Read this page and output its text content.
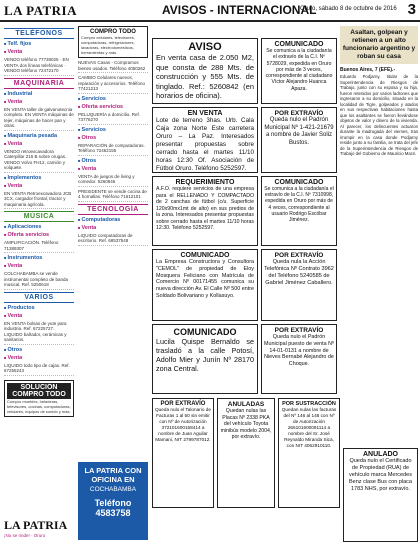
LA PATRIA	AVISOS - INTERNACIONAL
Oruro, sábado 8 de octubre de 2016 3
TELÉFONOS
■ Telf. fijos
■ Venta
VENDO teléfono 77738025 · EN VENTA dos líneas telefónicas · VENDO teléfono 72472170
MAQUINARIA
■ Industrial
■ Venta
EN VENTA taller de galvanotecnia completo. EN VENTA máquinas de tejer, máquinas de hacer pan y otras.
■ Maquinaria pesada
■ Venta
VENDO retroexcavadora Caterpillar 215 B sobre orugas. VENDO Volvo FH12, camión y volquete.
■ Implementos
■ Venta
EN VENTA Retroexcavadora JCB 3CX, cargador frontal, tractor y maquinaria agrícola.
MÚSICA
■ Aplicaciones
■ Oferta servicios
AMPLIFICACIÓN. Teléfono 71389307
■ Instrumentos
■ Venta
COLCHABAMBA se vende instrumental completo de banda musical. Ref. 5250618
VARIOS
■ Productos
■ Venta
EN VENTA bolsas de yute para industria. Ref. 67225727. LIQUIDO bañador, cerámicas y sanitarios.
■ Otros
■ Venta
LIQUIDO todo tipo de cajas. Ref. 67255243
SOLUCIÓN COMPRO TODO
Compro muebles, heladeras, televisores, cocinas, computadoras, celulares, equipos de sonido y más.
LA PATRIA
¡No se rinde! · Oruro
COMPRO TODO
Compro celulares, televisores, computadoras, refrigeradores, lavadoras, electrodomésticos, herramientas y más.
NUEVAS Casas - Compramos bienes usados. Teléfono 4050262
CAMBIO Celulares nuevos, reparación y accesorios. Teléfono 77421213
■ Servicios
■ Oferta servicios
PELUQUERÍA a domicilio. Ref. 73776270
■ Servicios
■ Otros
REPARACIÓN de computadoras. Teléfono 72462155
■ Otros
■ Venta
VENTA de juegos de living y comedor. 5260846
PRESIDENTE se vende cocina de 4 hornallas. Teléfono 71612101
TECNOLOGÍA
■ Computadoras
■ Venta
LIQUIDO computadoras de escritorio. Ref. 68537548
LA PATRIA CON OFICINA EN
COCHABAMBA
Teléfono 4583758
AVISO
En venta casa de 2.050 M2, que consta de 288 Mts. de construcción y 555 Mts. de tinglado. Ref.: 5260842 (en horarios de oficina).
COMUNICADO
Se comunica a la ciudadanía el extravío de la C.I. Nº 5728029, expedida en Oruro por más de 3 veces, correspondiente al ciudadano Víctor Alejandro Huanca Apaza.
EN VENTA
Lote de terreno 3has. Urb. Cala Caja zona Norte Este carretera Oruro – La Paz. Interesados presentar propuestas sobre cerrado hasta el martes 11/10 horas 12:30 Of. Asociación de Fútbol Oruro. Teléfono 5252597.
POR EXTRAVÍO
Queda nulo el Padrón Municipal Nº 1-421-21679 a nombre de Javier Soliz Bustos.
REQUERIMIENTO
A.F.O. requiere servicios de una empresa para el RELLENADO Y COMPACTADO de 2 canchas de fútbol (c/u. Superficie 120x90mx1mt de alto) en sus predios de la zona. Interesados presentar propuestas sobre cerrado hasta el martes 11/10 horas 12:30. Teléfono 5252597.
COMUNICADO
Se comunica a la ciudadanía el extravío de la C.I. Nº 7310998, expedida en Oruro por más de 4 veces, correspondiente al usuario Rodrigo Escóbar Jiménez.
COMUNICADO
La Empresa Constructora y Consultora "CEMOL" de propiedad de Eloy Mosquera Feliciano con Matrícula de Comercio Nº 00171455 comunica su nueva dirección Av. El Calle Nº 500 entre Soldado Bolivariano y Kollasuyo.
POR EXTRAVÍO
Queda nula la Acción Telefónica Nº Contrato 3962 del Teléfono 5240585 de Gabriel Jiménez Caballero.
COMUNICADO
Lucila Quispe Bernaldo se trasladó a la calle Potosí, Adolfo Mier y Junín Nº 28170 zona Central.
POR EXTRAVÍO
Queda nulo el Padrón Municipal puesto de venta Nº 14-01-0131 a nombre de Nieves Bernabé Alejandro de Choque.
POR EXTRAVÍO
Queda nulo el Talonario de Facturas 1 al 50 sin emitir con Nº de Autorización 372101600158414 a nombre de Juan Aguilar Mamani, NIT 2799787012.
ANULADAS
Quedan nulas las Placas Nº 2338 PKA del vehículo Toyota minibús modelo 2004, por extravío.
POR SUSTRACCIÓN
Quedan nulas las facturas del Nº 146 al 148 con Nº de Autorización 266101600091114 a nombre del Sr. José Reynaldo Miranda Sica, con NIT 4062910110.
ANULADO
Queda nulo el Certificado de Propiedad (RUA) de vehículo marca Mercedes Benz clase Bus con placa 1783 NHS, por extravío.
Asaltan, golpean y retienen a un alto funcionario argentino y roban su casa
Buenos Aires, 7 (EFE).-
Eduardo Podjarny, titular de la Superintendencia de Riesgos de Trabajo, junto con su esposa y su hija, fueron retenidos por varios ladrones que ingresaron a su domicilio, situado en la localidad de Tigre, golpeados y atados en sus respectivas habitaciones hasta que los asaltantes se fueron llevándose objetos de valor y dinero de la vivienda. Al parecer, los delincuentes actuaron durante la madrugada del viernes, tras irrumpir en la casa donde Podjarny reside junto a su familia, se trata del jefe de la Superintendencia de Riesgos de Trabajo del Gobierno de Mauricio Macri.
